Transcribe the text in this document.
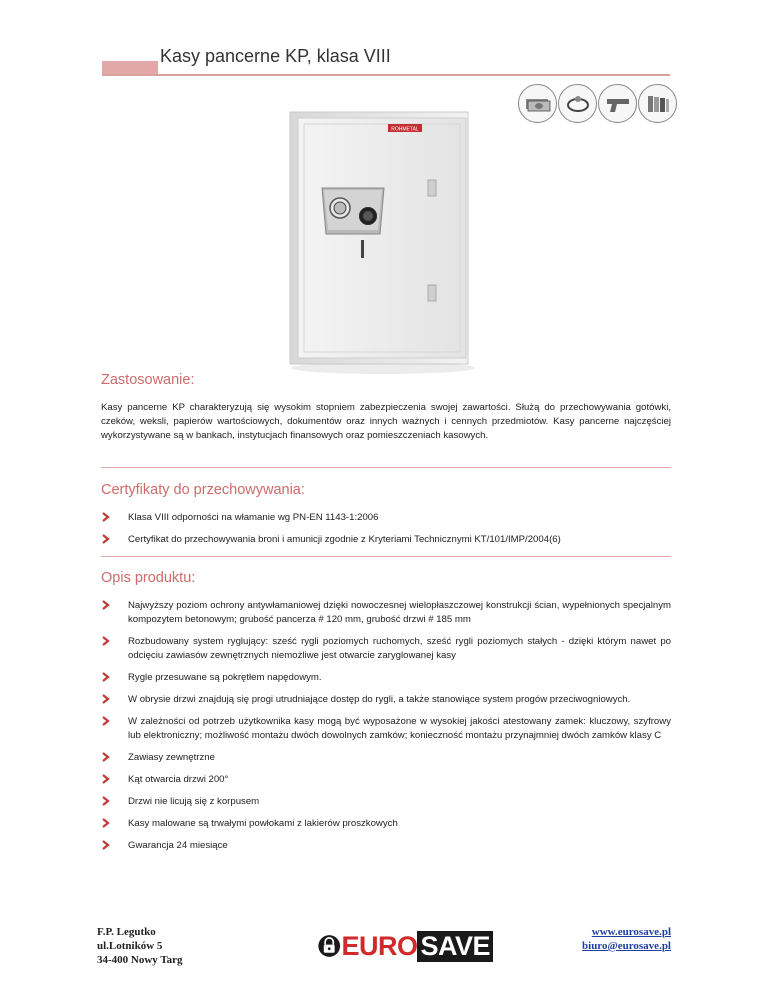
Kasy pancerne KP, klasa VIII
ROHMETAL
Zastosowanie:
Kasy pancerne KP charakteryzują się wysokim stopniem zabezpieczenia swojej zawartości. Służą do przechowywania gotówki, czeków, weksli, papierów wartościowych, dokumentów oraz innych ważnych i cennych przedmiotów. Kasy pancerne najczęściej wykorzystywane są w bankach, instytucjach finansowych oraz pomieszczeniach kasowych.
Certyfikaty do przechowywania:
Klasa VIII odporności na włamanie wg PN-EN 1143-1:2006
Certyfikat do przechowywania broni i amunicji zgodnie z Kryteriami Technicznymi KT/101/IMP/2004(6)
Opis produktu:
Najwyższy poziom ochrony antywłamaniowej dzięki nowoczesnej wielopłaszczowej konstrukcji ścian, wypełnionych specjalnym kompozytem betonowym; grubość pancerza # 120 mm, grubość drzwi # 185 mm
Rozbudowany system ryglujący: sześć rygli poziomych ruchomych, sześć rygli poziomych stałych - dzięki którym nawet po odcięciu zawiasów zewnętrznych niemożliwe jest otwarcie zaryglowanej kasy
Rygle przesuwane są pokrętłem napędowym.
W obrysie drzwi znajdują się progi utrudniające dostęp do rygli, a także stanowiące system progów przeciwogniowych.
W zależności od potrzeb użytkownika kasy mogą być wyposażone w wysokiej jakości atestowany zamek: kluczowy, szyfrowy lub elektroniczny; możliwość montażu dwóch dowolnych zamków; konieczność montażu przynajmniej dwóch zamków klasy C
Zawiasy zewnętrzne
Kąt otwarcia drzwi 200°
Drzwi nie licują się z korpusem
Kasy malowane są trwałymi powłokami z lakierów proszkowych
Gwarancja 24 miesiące
F.P. Legutko
ul.Lotników 5
34-400 Nowy Targ	EURO SAVE	www.eurosave.pl
biuro@eurosave.pl
